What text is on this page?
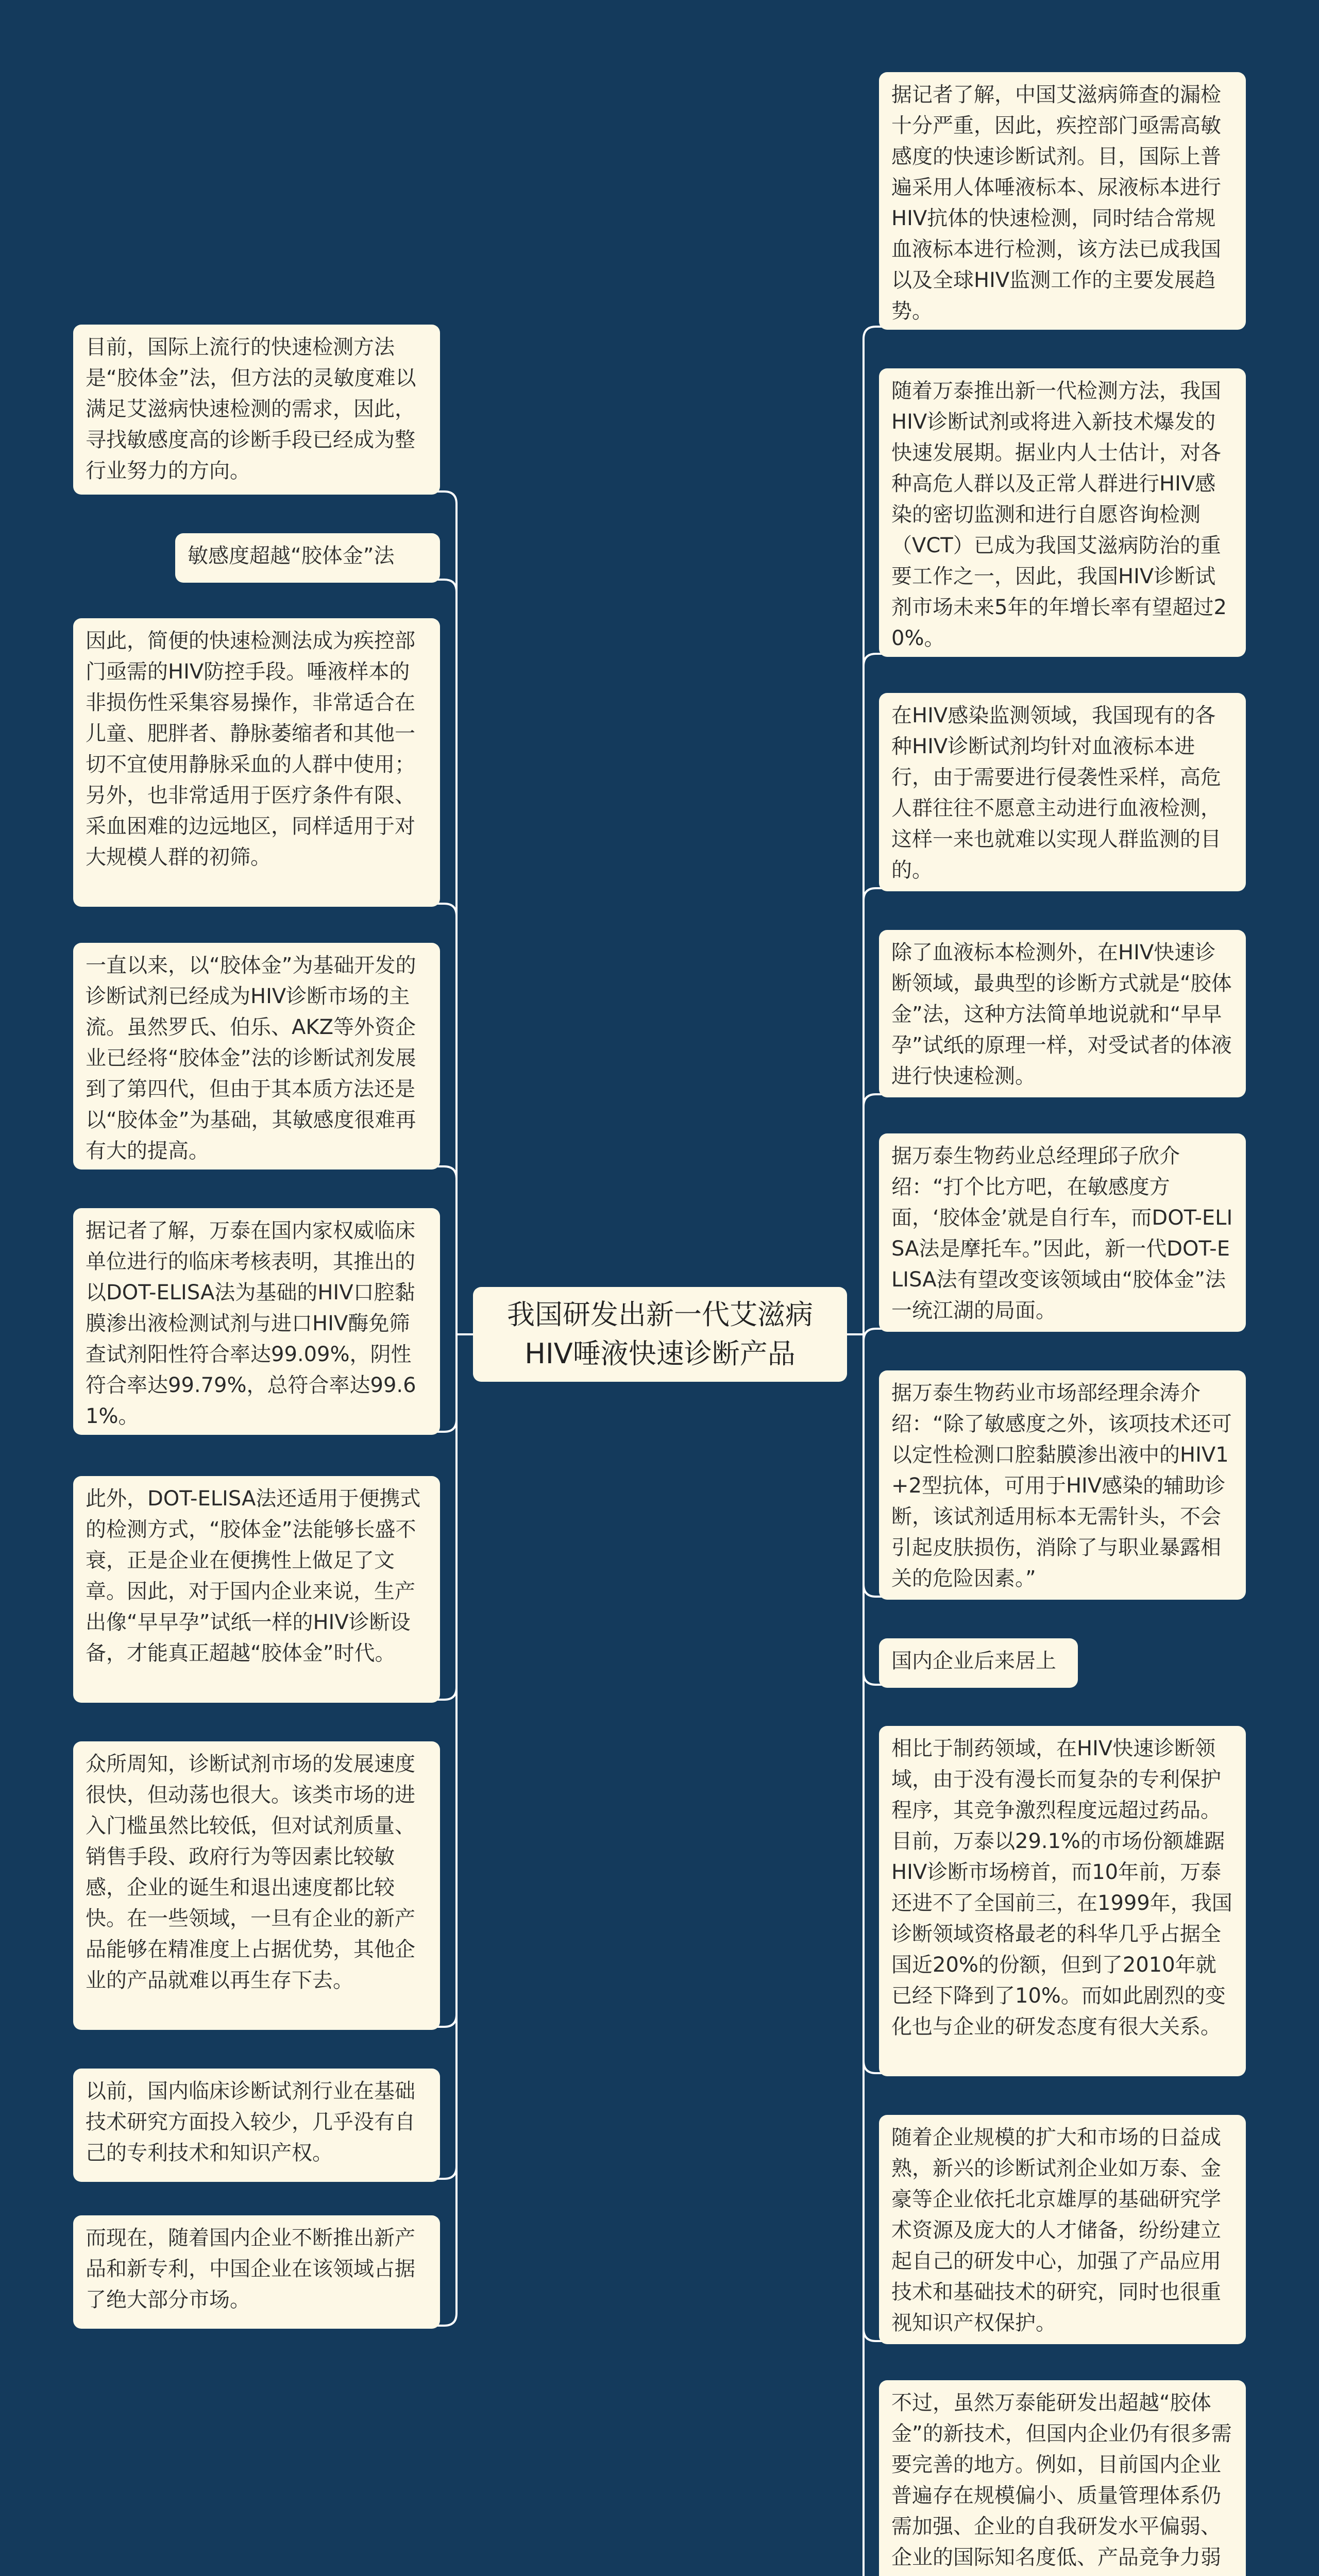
我国研发出新一代艾滋病HIV唾液快速诊断产品
目前，国际上流行的快速检测方法是“胶体金”法，但方法的灵敏度难以满足艾滋病快速检测的需求，因此，寻找敏感度高的诊断手段已经成为整行业努力的方向。
敏感度超越“胶体金”法
因此，简便的快速检测法成为疾控部门亟需的HIV防控手段。唾液样本的非损伤性采集容易操作，非常适合在儿童、肥胖者、静脉萎缩者和其他一切不宜使用静脉采血的人群中使用；另外，也非常适用于医疗条件有限、采血困难的边远地区，同样适用于对大规模人群的初筛。
一直以来，以“胶体金”为基础开发的诊断试剂已经成为HIV诊断市场的主流。虽然罗氏、伯乐、AKZ等外资企业已经将“胶体金”法的诊断试剂发展到了第四代，但由于其本质方法还是以“胶体金”为基础，其敏感度很难再有大的提高。
据记者了解，万泰在国内家权威临床单位进行的临床考核表明，其推出的以DOT-ELISA法为基础的HIV口腔黏膜渗出液检测试剂与进口HIV酶免筛查试剂阳性符合率达99.09%，阴性符合率达99.79%，总符合率达99.61%。
此外，DOT-ELISA法还适用于便携式的检测方式，“胶体金”法能够长盛不衰，正是企业在便携性上做足了文章。因此，对于国内企业来说，生产出像“早早孕”试纸一样的HIV诊断设备，才能真正超越“胶体金”时代。
众所周知，诊断试剂市场的发展速度很快，但动荡也很大。该类市场的进入门槛虽然比较低，但对试剂质量、销售手段、政府行为等因素比较敏感，企业的诞生和退出速度都比较快。在一些领域，一旦有企业的新产品能够在精准度上占据优势，其他企业的产品就难以再生存下去。
以前，国内临床诊断试剂行业在基础技术研究方面投入较少，几乎没有自己的专利技术和知识产权。
而现在，随着国内企业不断推出新产品和新专利，中国企业在该领域占据了绝大部分市场。
据记者了解，中国艾滋病筛查的漏检十分严重，因此，疾控部门亟需高敏感度的快速诊断试剂。目，国际上普遍采用人体唾液标本、尿液标本进行HIV抗体的快速检测，同时结合常规血液标本进行检测，该方法已成我国以及全球HIV监测工作的主要发展趋势。
随着万泰推出新一代检测方法，我国HIV诊断试剂或将进入新技术爆发的快速发展期。据业内人士估计，对各种高危人群以及正常人群进行HIV感染的密切监测和进行自愿咨询检测（VCT）已成为我国艾滋病防治的重要工作之一，因此，我国HIV诊断试剂市场未来5年的年增长率有望超过20%。
在HIV感染监测领域，我国现有的各种HIV诊断试剂均针对血液标本进行，由于需要进行侵袭性采样，高危人群往往不愿意主动进行血液检测，这样一来也就难以实现人群监测的目的。
除了血液标本检测外，在HIV快速诊断领域，最典型的诊断方式就是“胶体金”法，这种方法简单地说就和“早早孕”试纸的原理一样，对受试者的体液进行快速检测。
据万泰生物药业总经理邱子欣介绍：“打个比方吧，在敏感度方面，‘胶体金’就是自行车，而DOT-ELISA法是摩托车。”因此，新一代DOT-ELISA法有望改变该领域由“胶体金”法一统江湖的局面。
据万泰生物药业市场部经理余涛介绍：“除了敏感度之外，该项技术还可以定性检测口腔黏膜渗出液中的HIV1+2型抗体，可用于HIV感染的辅助诊断，该试剂适用标本无需针头，不会引起皮肤损伤，消除了与职业暴露相关的危险因素。”
国内企业后来居上
相比于制药领域，在HIV快速诊断领域，由于没有漫长而复杂的专利保护程序，其竞争激烈程度远超过药品。目前，万泰以29.1%的市场份额雄踞HIV诊断市场榜首，而10年前，万泰还进不了全国前三，在1999年，我国诊断领域资格最老的科华几乎占据全国近20%的份额，但到了2010年就已经下降到了10%。而如此剧烈的变化也与企业的研发态度有很大关系。
随着企业规模的扩大和市场的日益成熟，新兴的诊断试剂企业如万泰、金豪等企业依托北京雄厚的基础研究学术资源及庞大的人才储备，纷纷建立起自己的研发中心，加强了产品应用技术和基础技术的研究，同时也很重视知识产权保护。
不过，虽然万泰能研发出超越“胶体金”的新技术，但国内企业仍有很多需要完善的地方。例如，目前国内企业普遍存在规模偏小、质量管理体系仍需加强、企业的自我研发水平偏弱、企业的国际知名度低、产品竞争力弱
